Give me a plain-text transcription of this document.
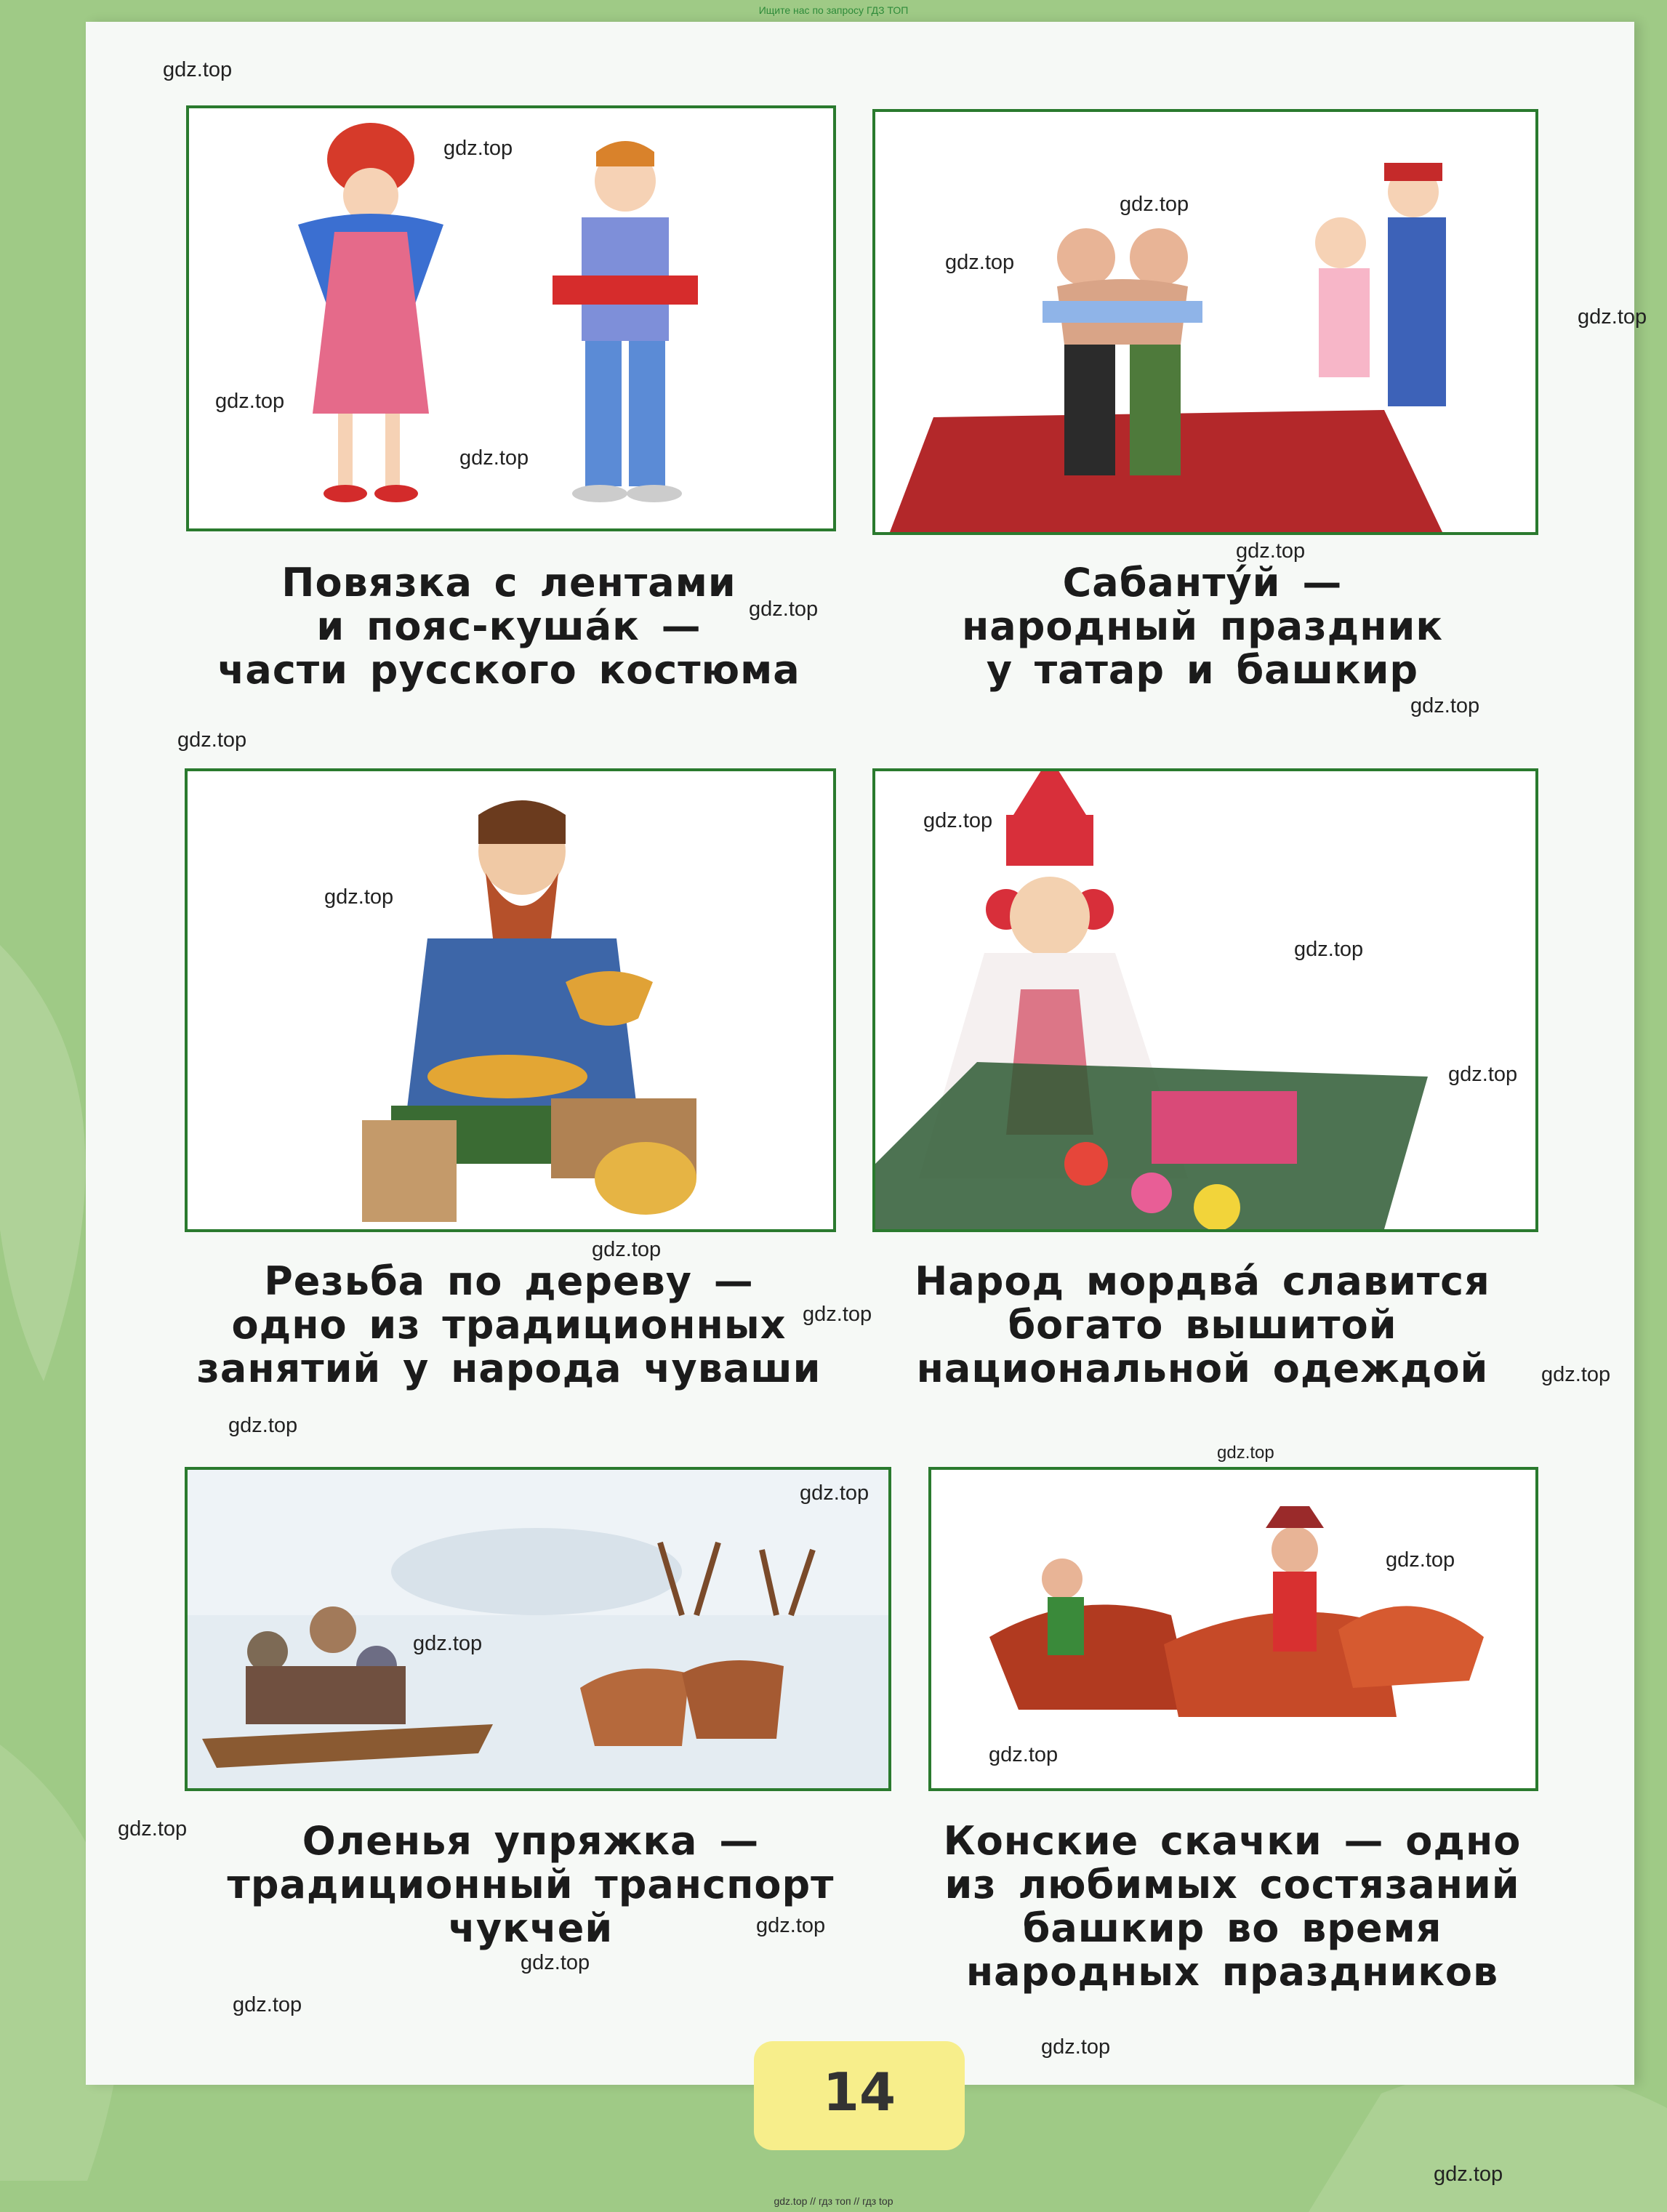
Ищите нас по запросу ГДЗ ТОП
Повязка с лентами
и пояс-куша́к —
части русского костюма
Сабанту́й —
народный праздник
у татар и башкир
Резьба по дереву —
одно из традиционных
занятий у народа чуваши
Народ мордва́ славится
богато вышитой
национальной одеждой
Оленья упряжка —
традиционный транспорт
чукчей
Конские скачки — одно
из любимых состязаний
башкир во время
народных праздников
gdz.top
gdz.top
gdz.top
gdz.top
gdz.top
gdz.top
gdz.top
gdz.top
gdz.top
gdz.top
gdz.top
gdz.top
gdz.top
gdz.top
gdz.top
gdz.top
gdz.top
gdz.top
gdz.top
gdz.top
gdz.top
gdz.top
gdz.top
gdz.top
gdz.top
gdz.top
gdz.top
gdz.top
gdz.top
gdz.top
14
gdz.top // гдз топ // гдз top
